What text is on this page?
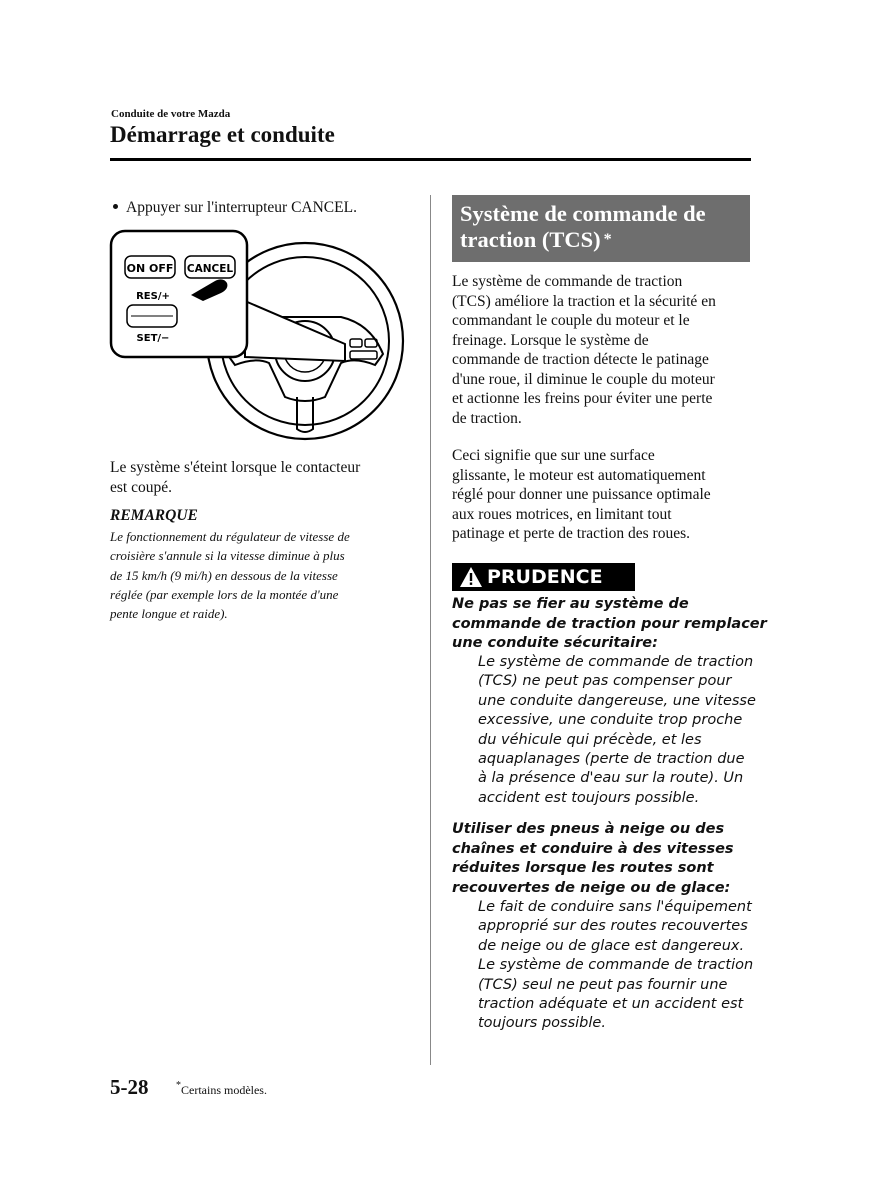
Conduite de votre Mazda
Démarrage et conduite
Appuyer sur l'interrupteur CANCEL.
ON OFF CANCEL
RES/+
SET/−
Le système s'éteint lorsque le contacteur
est coupé.
REMARQUE
Le fonctionnement du régulateur de vitesse de
croisière s'annule si la vitesse diminue à plus
de 15 km/h (9 mi/h) en dessous de la vitesse
réglée (par exemple lors de la montée d'une
pente longue et raide).
Système de commande de
traction (TCS) *
Le système de commande de traction
(TCS) améliore la traction et la sécurité en
commandant le couple du moteur et le
freinage. Lorsque le système de
commande de traction détecte le patinage
d'une roue, il diminue le couple du moteur
et actionne les freins pour éviter une perte
de traction.
Ceci signifie que sur une surface
glissante, le moteur est automatiquement
réglé pour donner une puissance optimale
aux roues motrices, en limitant tout
patinage et perte de traction des roues.
PRUDENCE
Ne pas se fier au système de
commande de traction pour remplacer
une conduite sécuritaire:
Le système de commande de traction
(TCS) ne peut pas compenser pour
une conduite dangereuse, une vitesse
excessive, une conduite trop proche
du véhicule qui précède, et les
aquaplanages (perte de traction due
à la présence d'eau sur la route). Un
accident est toujours possible.
Utiliser des pneus à neige ou des
chaînes et conduire à des vitesses
réduites lorsque les routes sont
recouvertes de neige ou de glace:
Le fait de conduire sans l'équipement
approprié sur des routes recouvertes
de neige ou de glace est dangereux.
Le système de commande de traction
(TCS) seul ne peut pas fournir une
traction adéquate et un accident est
toujours possible.
5-28	*Certains modèles.
